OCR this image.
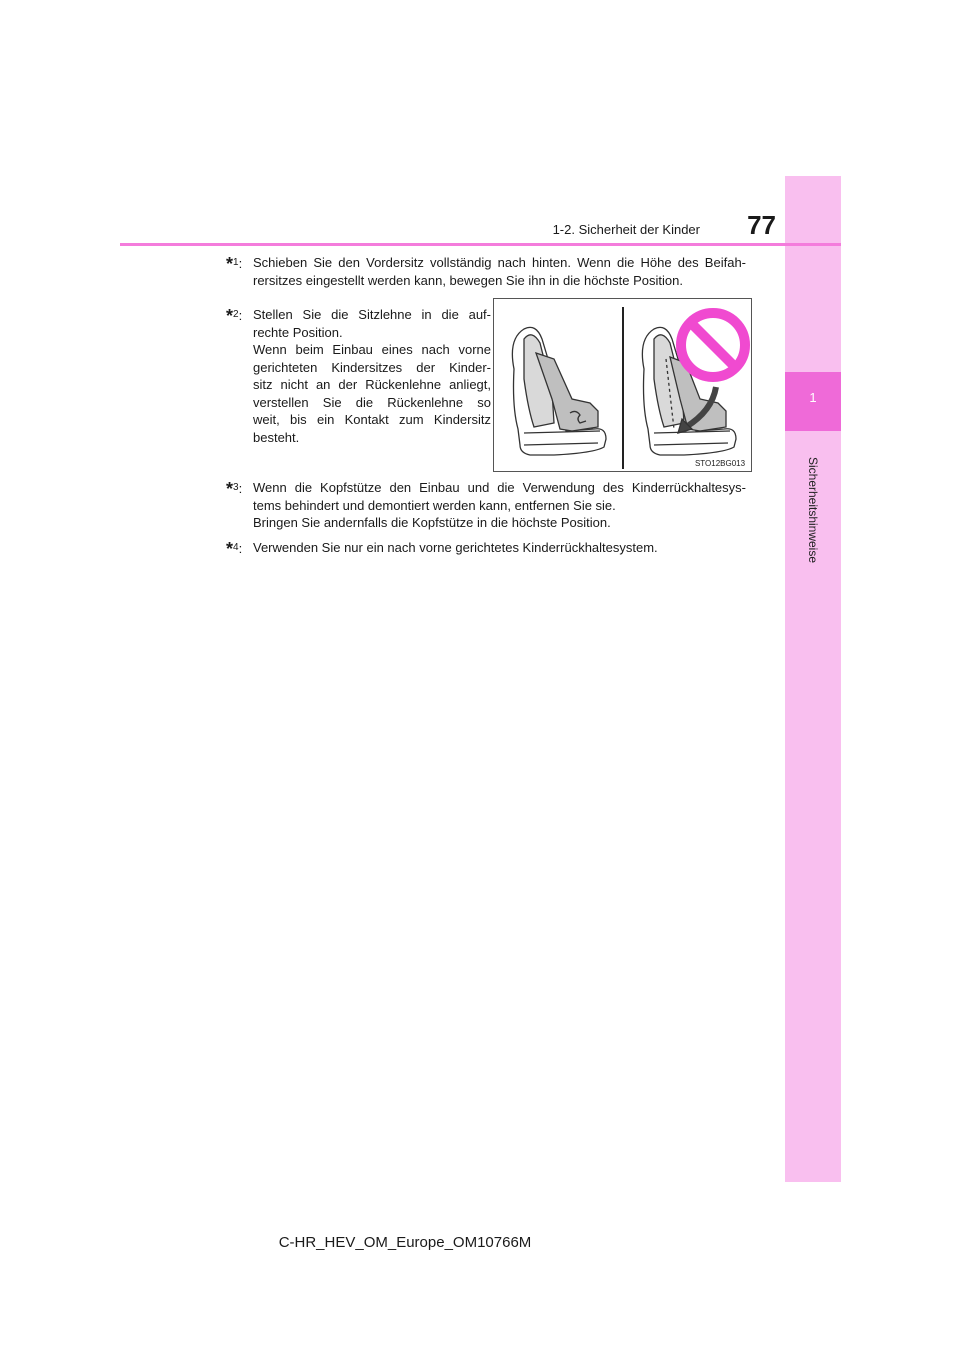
1
Sicherheitshinweise
1-2. Sicherheit der Kinder	77
*$^1$: Schieben Sie den Vordersitz vollständig nach hinten. Wenn die Höhe des Beifah-

rersitzes eingestellt werden kann, bewegen Sie ihn in die höchste Position.

*$^2$: Stellen Sie die Sitzlehne in die auf-

rechte Position.

Wenn beim Einbau eines nach vorne

gerichteten Kindersitzes der Kinder-

sitz nicht an der Rückenlehne anliegt,

verstellen Sie die Rückenlehne so

weit, bis ein Kontakt zum Kindersitz

besteht.

STO12BG013
*$^3$: Wenn die Kopfstütze den Einbau und die Verwendung des Kinderrückhaltesys-

tems behindert und demontiert werden kann, entfernen Sie sie.

Bringen Sie andernfalls die Kopfstütze in die höchste Position.

*$^4$: Verwenden Sie nur ein nach vorne gerichtetes Kinderrückhaltesystem.

C-HR_HEV_OM_Europe_OM10766M
